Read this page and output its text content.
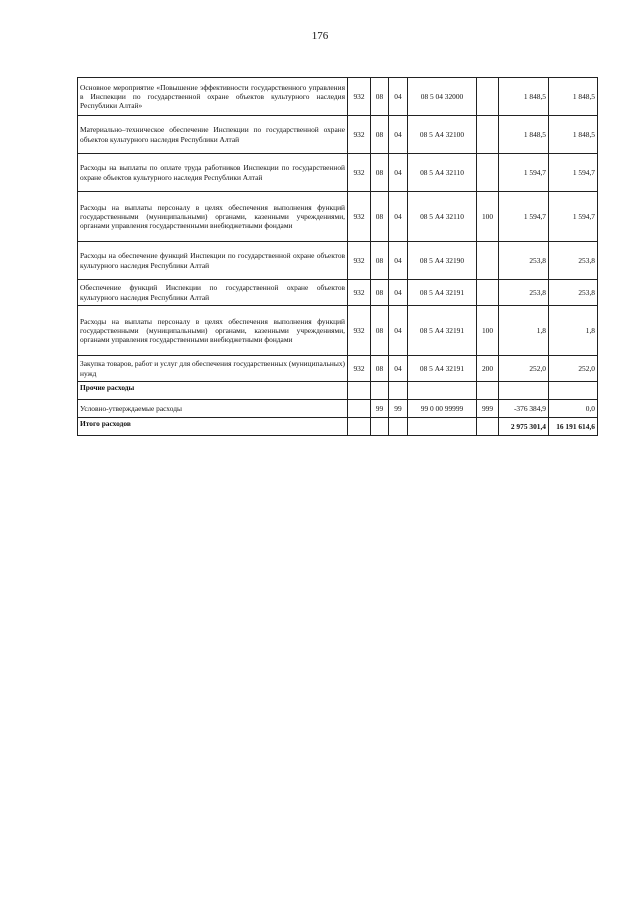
176
Основное мероприятие «Повышение эффективности государственного управления в Инспекции по государственной охране объектов культурного наследия Республики Алтай»	932	08	04	08 5 04 32000		1 848,5	1 848,5
Материально–техническое обеспечение Инспекции по государственной охране объектов культурного наследия Республики Алтай	932	08	04	08 5 А4 32100		1 848,5	1 848,5
Расходы на выплаты по оплате труда работников Инспекции по государственной охране объектов культурного наследия Республики Алтай	932	08	04	08 5 А4 32110		1 594,7	1 594,7
Расходы на выплаты персоналу в целях обеспечения выполнения функций государственными (муниципальными) органами, казенными учреждениями, органами управления государственными внебюджетными фондами	932	08	04	08 5 А4 32110	100	1 594,7	1 594,7
Расходы на обеспечение функций Инспекции по государственной охране объектов культурного наследия Республики Алтай	932	08	04	08 5 А4 32190		253,8	253,8
Обеспечение функций Инспекции по государственной охране объектов культурного наследия Республики Алтай	932	08	04	08 5 А4 32191		253,8	253,8
Расходы на выплаты персоналу в целях обеспечения выполнения функций государственными (муниципальными) органами, казенными учреждениями, органами управления государственными внебюджетными фондами	932	08	04	08 5 А4 32191	100	1,8	1,8
Закупка товаров, работ и услуг для обеспечения государственных (муниципальных) нужд	932	08	04	08 5 А4 32191	200	252,0	252,0
Прочие расходы							
Условно-утверждаемые расходы		99	99	99 0 00 99999	999	-376 384,9	0,0
Итого расходов						2 975 301,4	16 191 614,6
